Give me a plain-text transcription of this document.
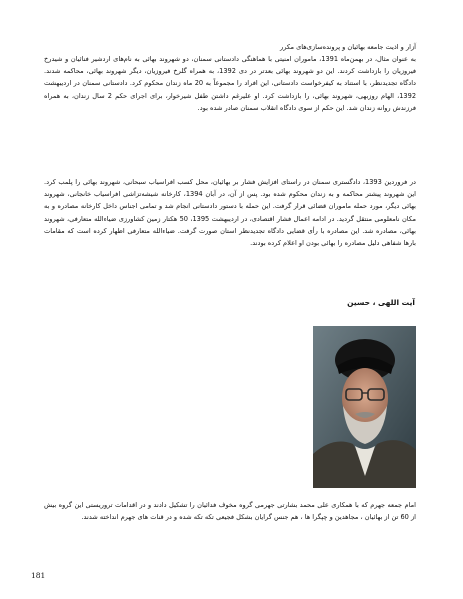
آزار و اذیت جامعه بهائیان و پرونده‌سازی‌های مکرر

به عنوان مثال، در بهمن‌ماه 1391، ماموران امنیتی با هماهنگی دادستانی سمنان، دو شهروند بهائی به نام‌های اردشیر فنائیان و شیدرخ فیروزیان را بازداشت کردند. این دو شهروند بهائی بعدتر در دی 1392، به همراه گلرخ فیروزیان، دیگر شهروند بهائی، محاکمه شدند. دادگاه تجدیدنظر، با استناد به کیفرخواست دادستانی، این افراد را مجموعاً به 20 ماه زندان محکوم کرد. دادستانی سمنان در اردیبهشت 1392، الهام روزبهی، شهروند بهائی، را بازداشت کرد. او علیرغم داشتن طفل شیرخوار، برای اجرای حکم 2 سال زندان، به همراه فرزندش روانه زندان شد. این حکم از سوی دادگاه انقلاب سمنان صادر شده بود.

در فروردین 1393، دادگستری سمنان در راستای افزایش فشار بر بهائیان، محل کسب افراسیاب سبحانی، شهروند بهائی را پلمب کرد. این شهروند پیشتر محاکمه و به زندان محکوم شده بود. پس از آن، در آبان 1394، کارخانه شیشه‌تزاشی افراسیاب خانجانی، شهروند بهائی دیگر، مورد حمله ماموران قضائی قرار گرفت. این حمله با دستور دادستانی انجام شد و تمامی اجناس داخل کارخانه مصادره و به مکان نامعلومی منتقل گردید. در ادامه اعمال فشار اقتصادی، در اردیبهشت 1395، 50 هکتار زمین کشاورزی ضیاءالله متعارفی، شهروند بهائی، مصادره شد. این مصادره با رأی قضایی دادگاه تجدیدنظر استان صورت گرفت. ضیاءالله متعارفی اظهار کرده است که مقامات بارها شفاهی دلیل مصادره را بهائی بودن او اعلام کرده بودند.

آیت اللهی ، حسین

امام جمعه جهرم که با همکاری علی محمد بشارتی جهرمی گروه مخوف فدائیان را تشکیل دادند و در اقدامات تروریستی این گروه بیش از 60 تن از بهائیان ، مجاهدین و چپگرا ها ، هم جنس گرایان بشکل فجیعی تکه تکه شده و در قنات های جهرم انداخته شدند.

181
